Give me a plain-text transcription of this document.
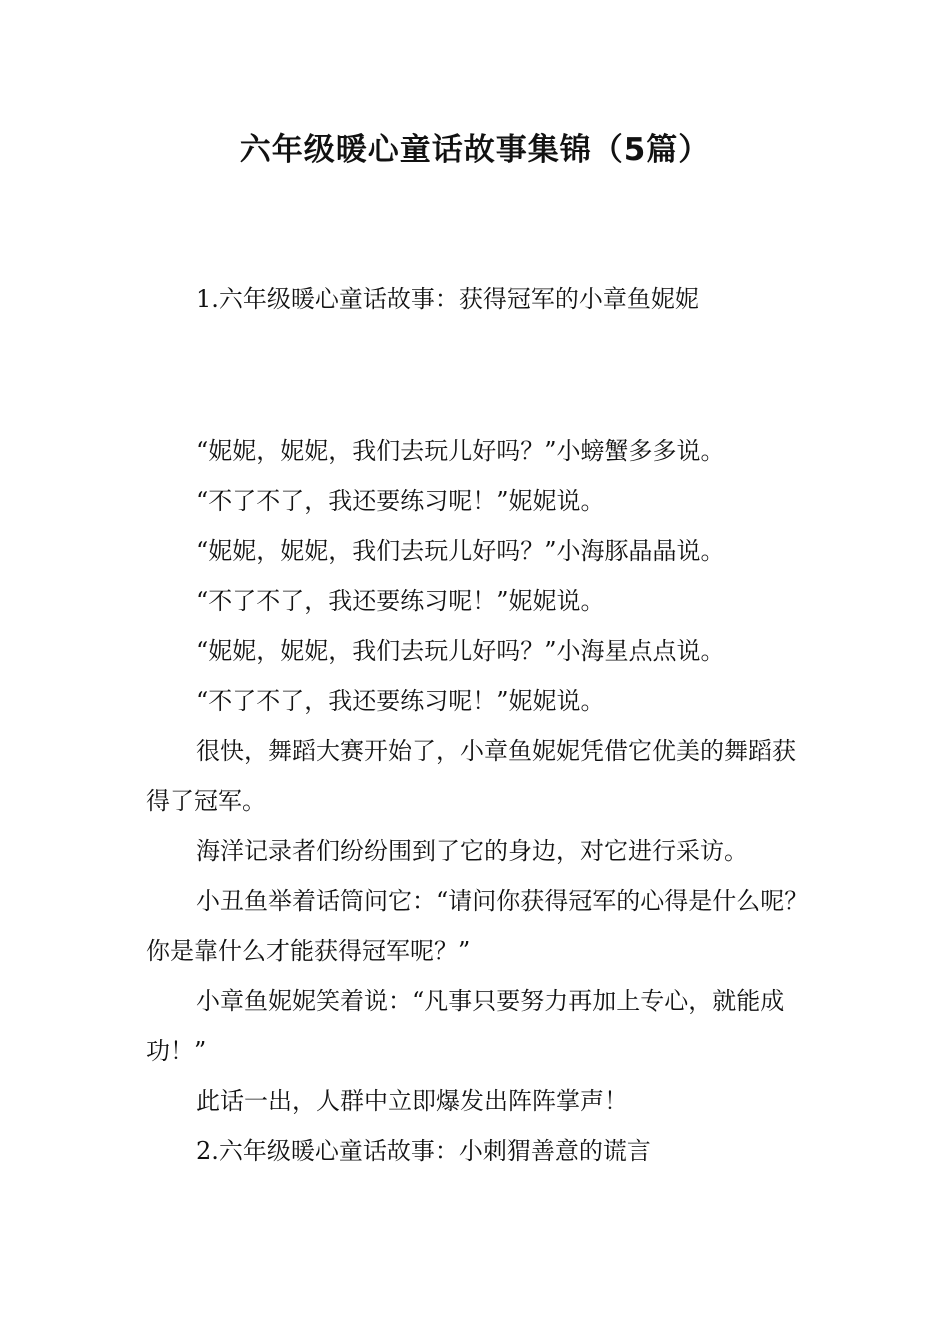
六年级暖心童话故事集锦（5篇）
1.六年级暖心童话故事：获得冠军的小章鱼妮妮

“妮妮，妮妮，我们去玩儿好吗？”小螃蟹多多说。

“不了不了，我还要练习呢！”妮妮说。

“妮妮，妮妮，我们去玩儿好吗？”小海豚晶晶说。

“不了不了，我还要练习呢！”妮妮说。

“妮妮，妮妮，我们去玩儿好吗？”小海星点点说。

“不了不了，我还要练习呢！”妮妮说。

很快，舞蹈大赛开始了，小章鱼妮妮凭借它优美的舞蹈获得了冠军。

海洋记录者们纷纷围到了它的身边，对它进行采访。

小丑鱼举着话筒问它：“请问你获得冠军的心得是什么呢？你是靠什么才能获得冠军呢？”

小章鱼妮妮笑着说：“凡事只要努力再加上专心，就能成功！”

此话一出，人群中立即爆发出阵阵掌声！

2.六年级暖心童话故事：小刺猬善意的谎言
